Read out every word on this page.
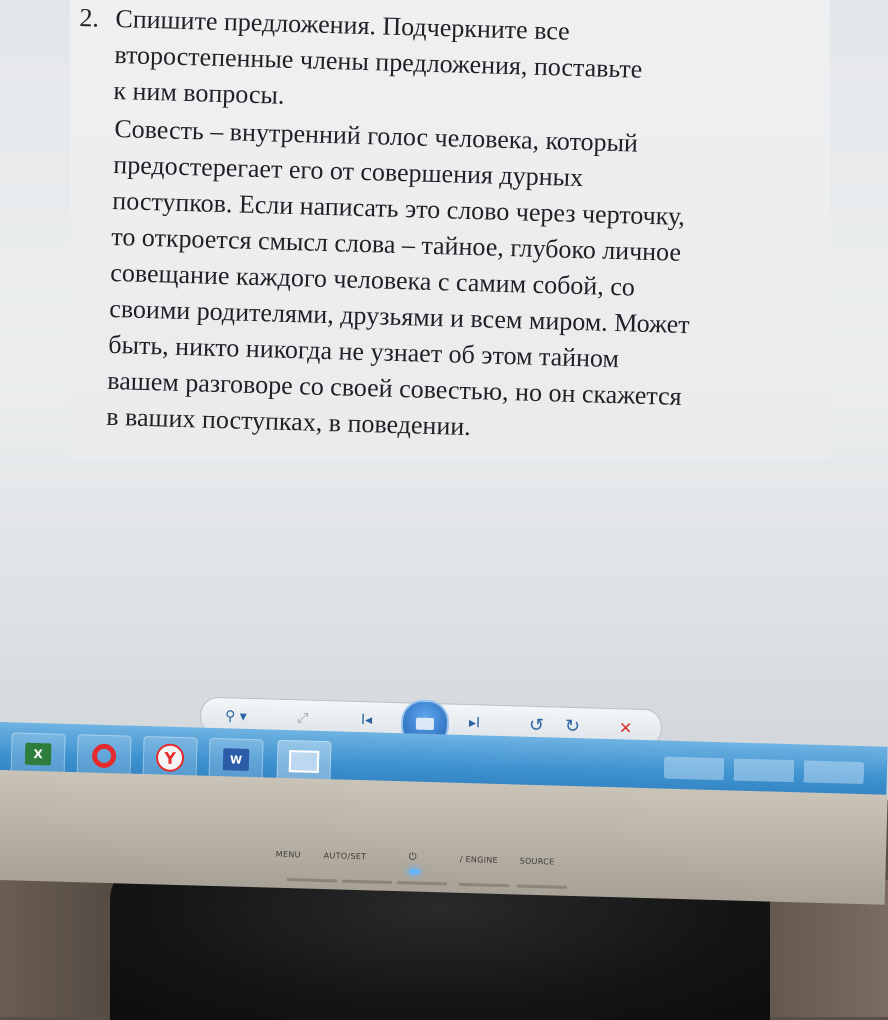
2. Спишите предложения. Подчеркните все
второстепенные члены предложения, поставьте
к ним вопросы.
Совесть – внутренний голос человека, который
предостерегает его от совершения дурных
поступков. Если написать это слово через черточку,
то откроется смысл слова – тайное, глубоко личное
совещание каждого человека с самим собой, со
своими родителями, друзьями и всем миром. Может
быть, никто никогда не узнает об этом тайном
вашем разговоре со своей совестью, но он скажется
в ваших поступках, в поведении.
⚲ ▾	⤢	I◂	▸I	↺ ↻ ✕
X	Y	W
MENU	AUTO/SET	⏻	/ ENGINE	SOURCE
